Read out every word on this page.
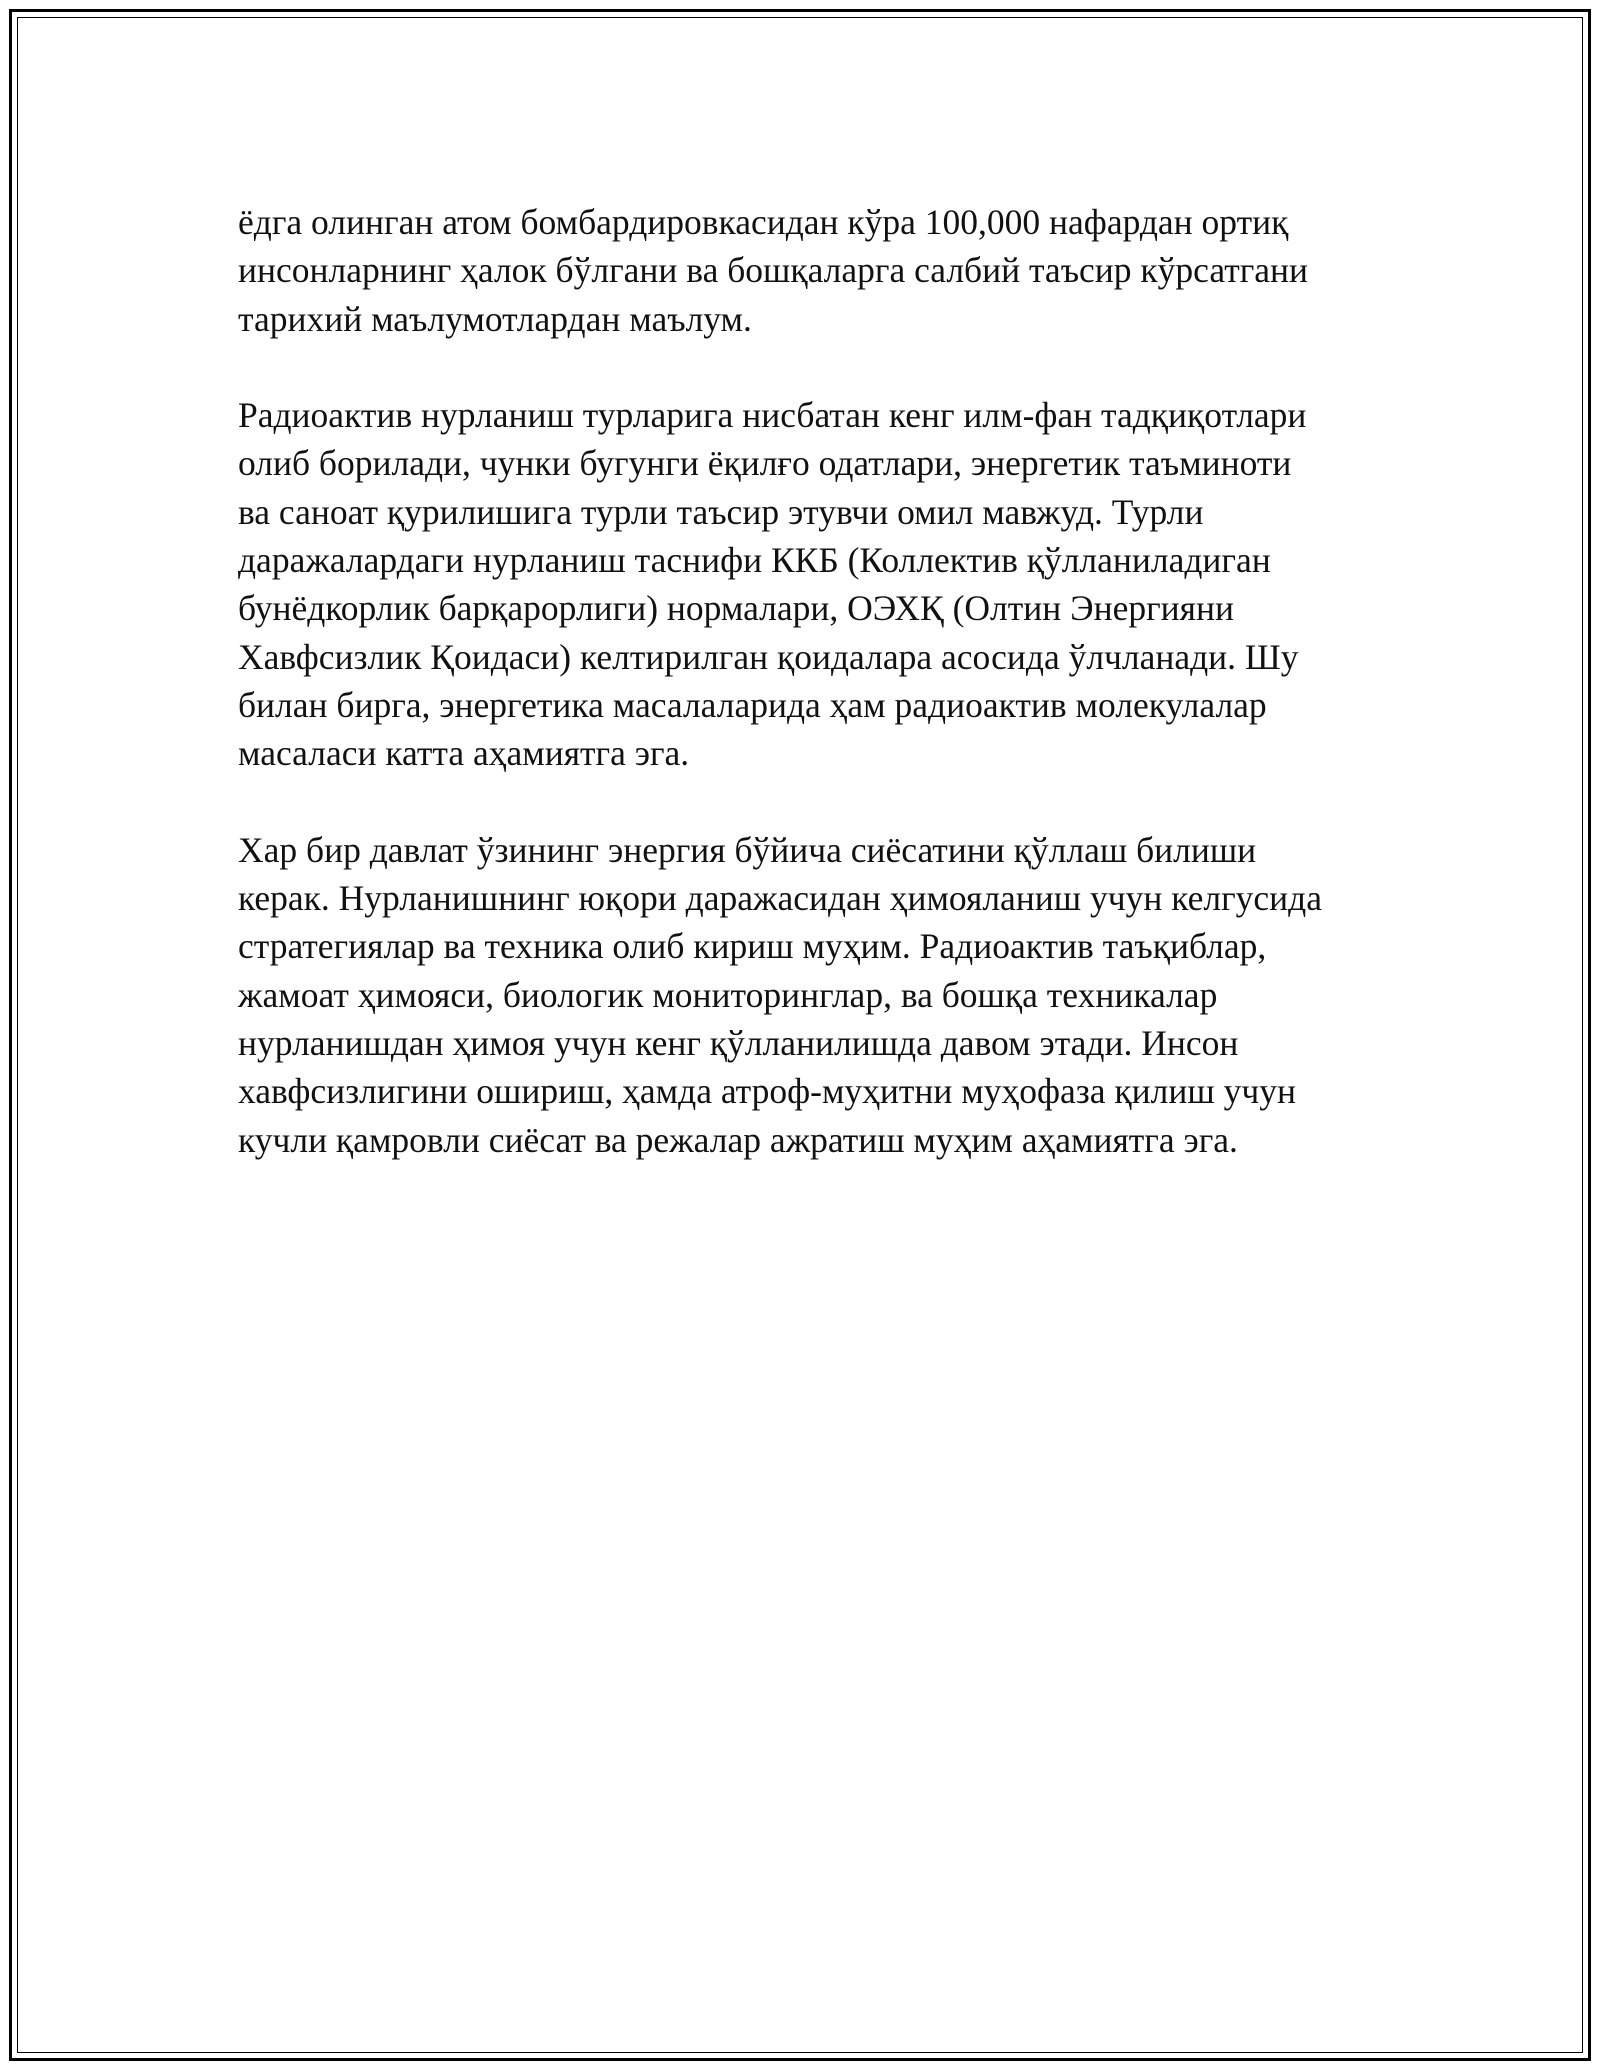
ёдга олинган атом бомбардировкасидан кўра 100,000 нафардан ортиқ
инсонларнинг ҳалок бўлгани ва бошқаларга салбий таъсир кўрсатгани
тарихий маълумотлардан маълум.

Радиоактив нурланиш турларига нисбатан кенг илм-фан тадқиқотлари
олиб борилади, чунки бугунги ёқилғо одатлари, энергетик таъминоти
ва саноат қурилишига турли таъсир этувчи омил мавжуд. Турли
даражалардаги нурланиш таснифи ККБ (Коллектив қўлланиладиган
бунёдкорлик барқарорлиги) нормалари, ОЭХҚ (Олтин Энергияни
Хавфсизлик Қоидаси) келтирилган қоидалара асосида ўлчланади. Шу
билан бирга, энергетика масалаларида ҳам радиоактив молекулалар
масаласи катта аҳамиятга эга.

Хар бир давлат ўзининг энергия бўйича сиёсатини қўллаш билиши
керак. Нурланишнинг юқори даражасидан ҳимояланиш учун келгусида
стратегиялар ва техника олиб кириш муҳим. Радиоактив таъқиблар,
жамоат ҳимояси, биологик мониторинглар, ва бошқа техникалар
нурланишдан ҳимоя учун кенг қўлланилишда давом этади. Инсон
хавфсизлигини ошириш, ҳамда атроф-муҳитни муҳофаза қилиш учун
кучли қамровли сиёсат ва режалар ажратиш муҳим аҳамиятга эга.
